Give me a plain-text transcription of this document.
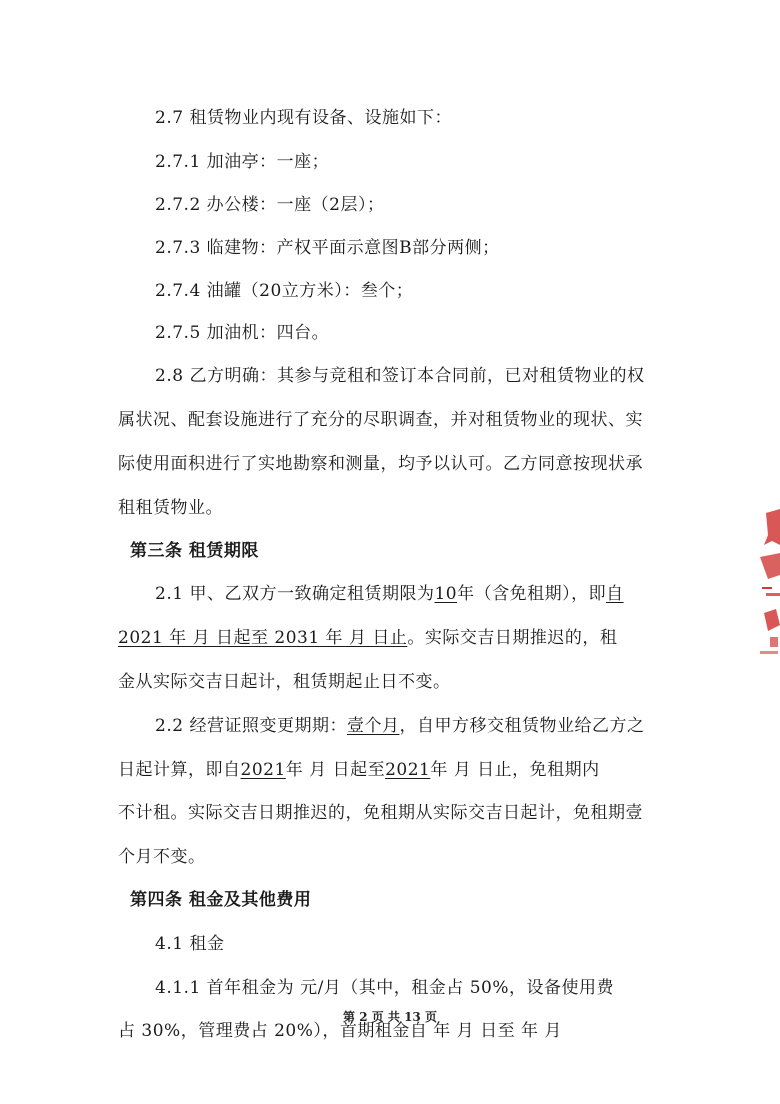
2.7 租赁物业内现有设备、设施如下：
2.7.1 加油亭：一座；
2.7.2 办公楼：一座（2层）；
2.7.3 临建物：产权平面示意图B部分两侧；
2.7.4 油罐（20立方米）：叁个；
2.7.5 加油机：四台。
2.8 乙方明确：其参与竞租和签订本合同前，已对租赁物业的权
属状况、配套设施进行了充分的尽职调查，并对租赁物业的现状、实
际使用面积进行了实地勘察和测量，均予以认可。乙方同意按现状承
租租赁物业。
第三条 租赁期限
2.1 甲、乙双方一致确定租赁期限为10年（含免租期），即自
2021 年 月 日起至 2031 年 月 日止。实际交吉日期推迟的，租
金从实际交吉日起计，租赁期起止日不变。
2.2 经营证照变更期期：壹个月，自甲方移交租赁物业给乙方之
日起计算，即自2021年 月 日起至2021年 月 日止，免租期内
不计租。实际交吉日期推迟的，免租期从实际交吉日起计，免租期壹
个月不变。
第四条 租金及其他费用
4.1 租金
4.1.1 首年租金为 元/月（其中，租金占 50%，设备使用费
占 30%，管理费占 20%），首期租金自 年 月 日至 年 月
第 2 页 共 13 页
